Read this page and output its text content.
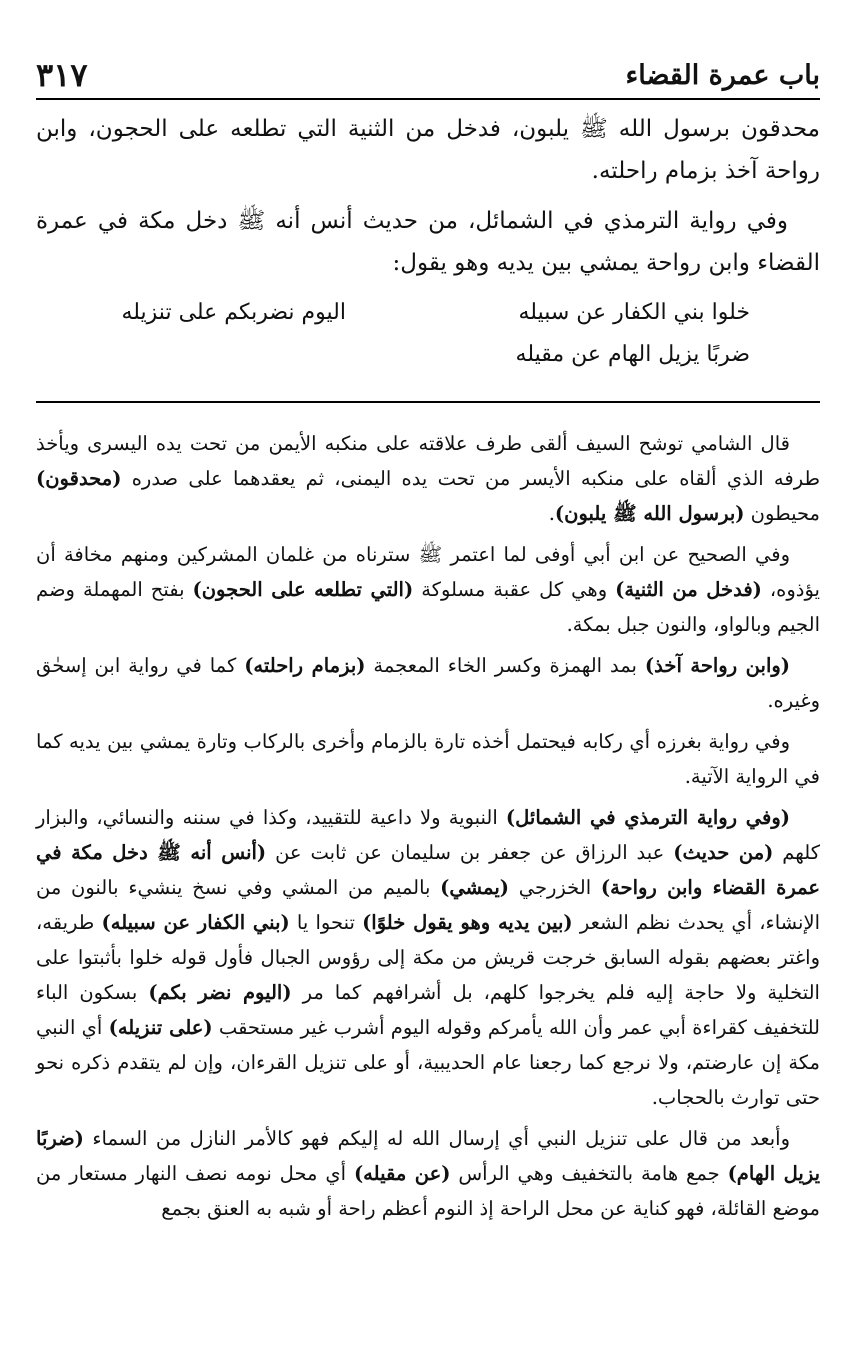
باب عمرة القضاء
٣١٧

محدقون برسول الله ﷺ يلبون، فدخل من الثنية التي تطلعه على الحجون، وابن رواحة آخذ بزمام راحلته.

وفي رواية الترمذي في الشمائل، من حديث أنس أنه ﷺ دخل مكة في عمرة القضاء وابن رواحة يمشي بين يديه وهو يقول:

خلوا بني الكفار عن سبيله
اليوم نضربكم على تنزيله
ضربًا يزيل الهام عن مقيله

قال الشامي توشح السيف ألقى طرف علاقته على منكبه الأيمن من تحت يده اليسرى ويأخذ طرفه الذي ألقاه على منكبه الأيسر من تحت يده اليمنى، ثم يعقدهما على صدره (محدقون) محيطون (برسول الله ﷺ يلبون).

وفي الصحيح عن ابن أبي أوفى لما اعتمر ﷺ سترناه من غلمان المشركين ومنهم مخافة أن يؤذوه، (فدخل من الثنية) وهي كل عقبة مسلوكة (التي تطلعه على الحجون) بفتح المهملة وضم الجيم وبالواو، والنون جبل بمكة.

(وابن رواحة آخذ) بمد الهمزة وكسر الخاء المعجمة (بزمام راحلته) كما في رواية ابن إسحٰق وغيره.

وفي رواية بغرزه أي ركابه فيحتمل أخذه تارة بالزمام وأخرى بالركاب وتارة يمشي بين يديه كما في الرواية الآتية.

(وفي رواية الترمذي في الشمائل) النبوية ولا داعية للتقييد، وكذا في سننه والنسائي، والبزار كلهم (من حديث) عبد الرزاق عن جعفر بن سليمان عن ثابت عن (أنس أنه ﷺ دخل مكة في عمرة القضاء وابن رواحة) الخزرجي (يمشي) بالميم من المشي وفي نسخ ينشيء بالنون من الإنشاء، أي يحدث نظم الشعر (بين يديه وهو يقول خلوًا) تنحوا يا (بني الكفار عن سبيله) طريقه، واغتر بعضهم بقوله السابق خرجت قريش من مكة إلى رؤوس الجبال فأول قوله خلوا بأثبتوا على التخلية ولا حاجة إليه فلم يخرجوا كلهم، بل أشرافهم كما مر (اليوم نضر بكم) بسكون الباء للتخفيف كقراءة أبي عمر وأن الله يأمركم وقوله اليوم أشرب غير مستحقب (على تنزيله) أي النبي مكة إن عارضتم، ولا نرجع كما رجعنا عام الحديبية، أو على تنزيل القرءان، وإن لم يتقدم ذكره نحو حتى توارث بالحجاب.

وأبعد من قال على تنزيل النبي أي إرسال الله له إليكم فهو كالأمر النازل من السماء (ضربًا يزيل الهام) جمع هامة بالتخفيف وهي الرأس (عن مقيله) أي محل نومه نصف النهار مستعار من موضع القائلة، فهو كناية عن محل الراحة إذ النوم أعظم راحة أو شبه به العنق بجمع
